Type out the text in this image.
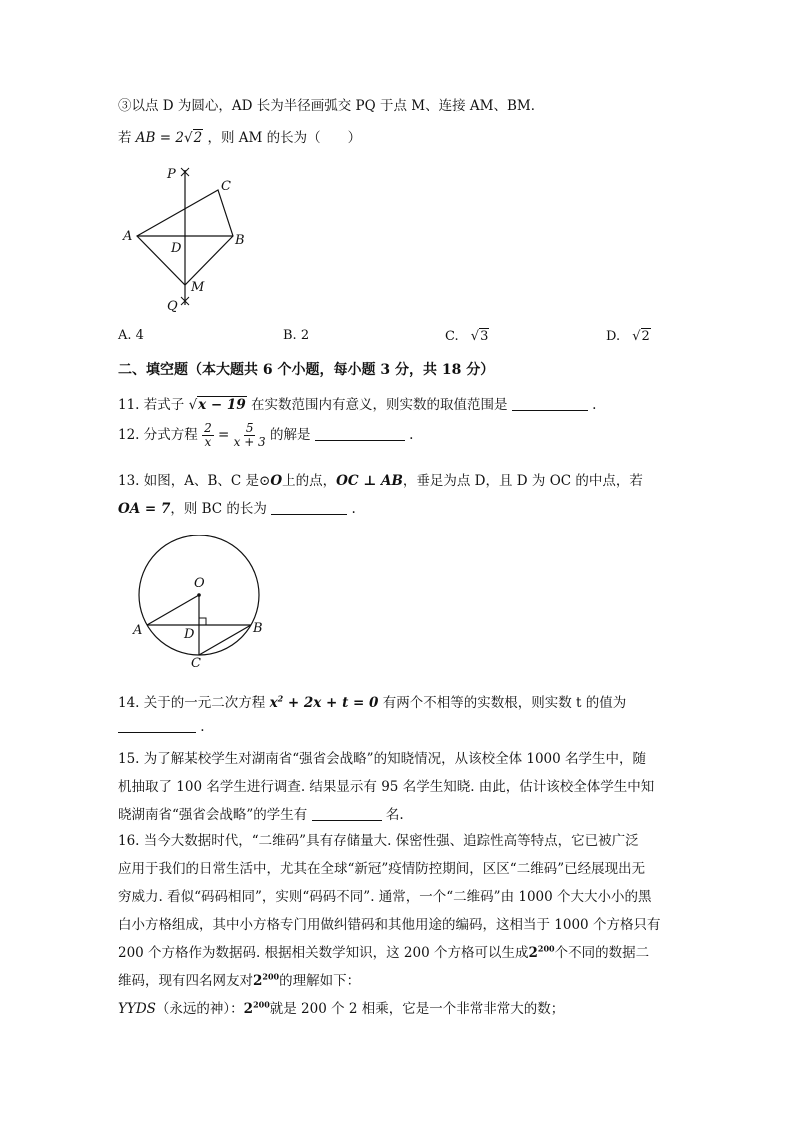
③以点 D 为圆心，AD 长为半径画弧交 PQ 于点 M、连接 AM、BM．
若 AB = 2√2 ，则 AM 的长为（　　）
P
C
A
D
B
M
Q
A. 4	B. 2	C. √3	D. √2
二、填空题（本大题共 6 个小题，每小题 3 分，共 18 分）
11. 若式子 √x − 19 在实数范围内有意义，则实数的取值范围是	.
12. 分式方程 $\frac{2}{x} = \frac{5}{x + 3}$ 的解是	.
13. 如图，A、B、C 是⊙O上的点，OC ⊥ AB，垂足为点 D，且 D 为 OC 的中点，若
OA = 7，则 BC 的长为	.
O
A	D	B
C
14. 关于的一元二次方程 $x^2 + 2x + t = 0$ 有两个不相等的实数根，则实数 t 的值为
.
15. 为了解某校学生对湖南省“强省会战略”的知晓情况，从该校全体 1000 名学生中，随
机抽取了 100 名学生进行调查. 结果显示有 95 名学生知晓. 由此，估计该校全体学生中知
晓湖南省“强省会战略”的学生有	名.
16. 当今大数据时代，“二维码”具有存储量大. 保密性强、追踪性高等特点，它已被广泛
应用于我们的日常生活中，尤其在全球“新冠”疫情防控期间，区区“二维码”已经展现出无
穷威力. 看似“码码相同”，实则“码码不同”. 通常，一个“二维码”由 1000 个大大小小的黑
白小方格组成，其中小方格专门用做纠错码和其他用途的编码，这相当于 1000 个方格只有
200 个方格作为数据码. 根据相关数学知识，这 200 个方格可以生成$2^{200}$个不同的数据二
维码，现有四名网友对$2^{200}$的理解如下：
YYDS（永远的神）：$2^{200}$就是 200 个 2 相乘，它是一个非常非常大的数；
